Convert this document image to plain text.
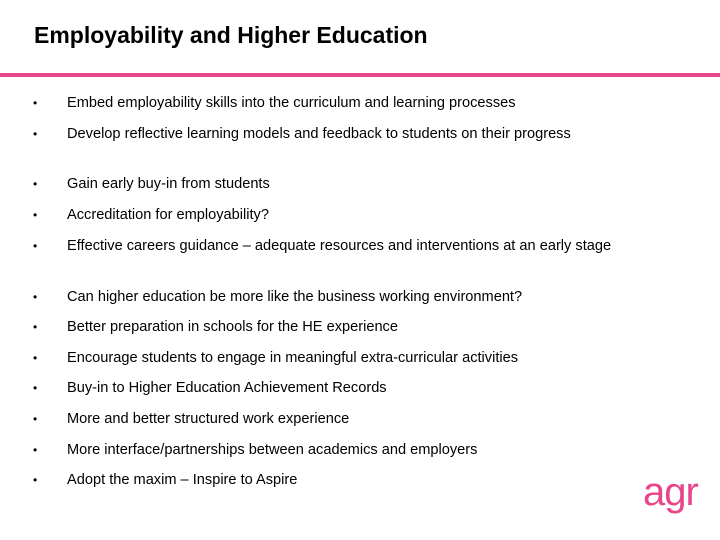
Employability and Higher Education
• Embed employability skills into the curriculum and learning processes
• Develop reflective learning models and feedback to students on their progress
• Gain early buy-in from students
• Accreditation for employability?
• Effective careers guidance – adequate resources and interventions at an early stage
• Can higher education be more like the business working environment?
• Better preparation in schools for the HE experience
• Encourage students to engage in meaningful extra-curricular activities
• Buy-in to Higher Education Achievement Records
• More and better structured work experience
• More interface/partnerships between academics and employers
• Adopt the maxim – Inspire to Aspire	agr
